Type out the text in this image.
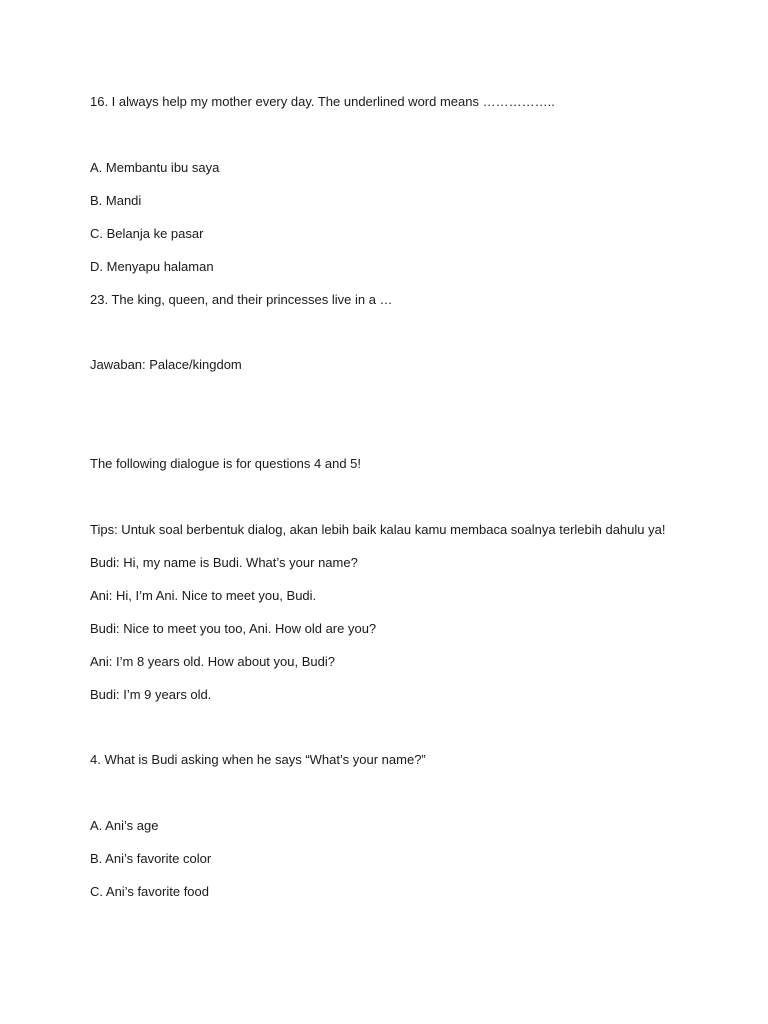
16. I always help my mother every day. The underlined word means ……………..
A. Membantu ibu saya
B. Mandi
C. Belanja ke pasar
D. Menyapu halaman
23. The king, queen, and their princesses live in a …
Jawaban: Palace/kingdom
The following dialogue is for questions 4 and 5!
Tips: Untuk soal berbentuk dialog, akan lebih baik kalau kamu membaca soalnya terlebih dahulu ya!
Budi: Hi, my name is Budi. What’s your name?
Ani: Hi, I’m Ani. Nice to meet you, Budi.
Budi: Nice to meet you too, Ani. How old are you?
Ani: I’m 8 years old. How about you, Budi?
Budi: I’m 9 years old.
4. What is Budi asking when he says “What’s your name?”
A. Ani’s age
B. Ani’s favorite color
C. Ani’s favorite food
